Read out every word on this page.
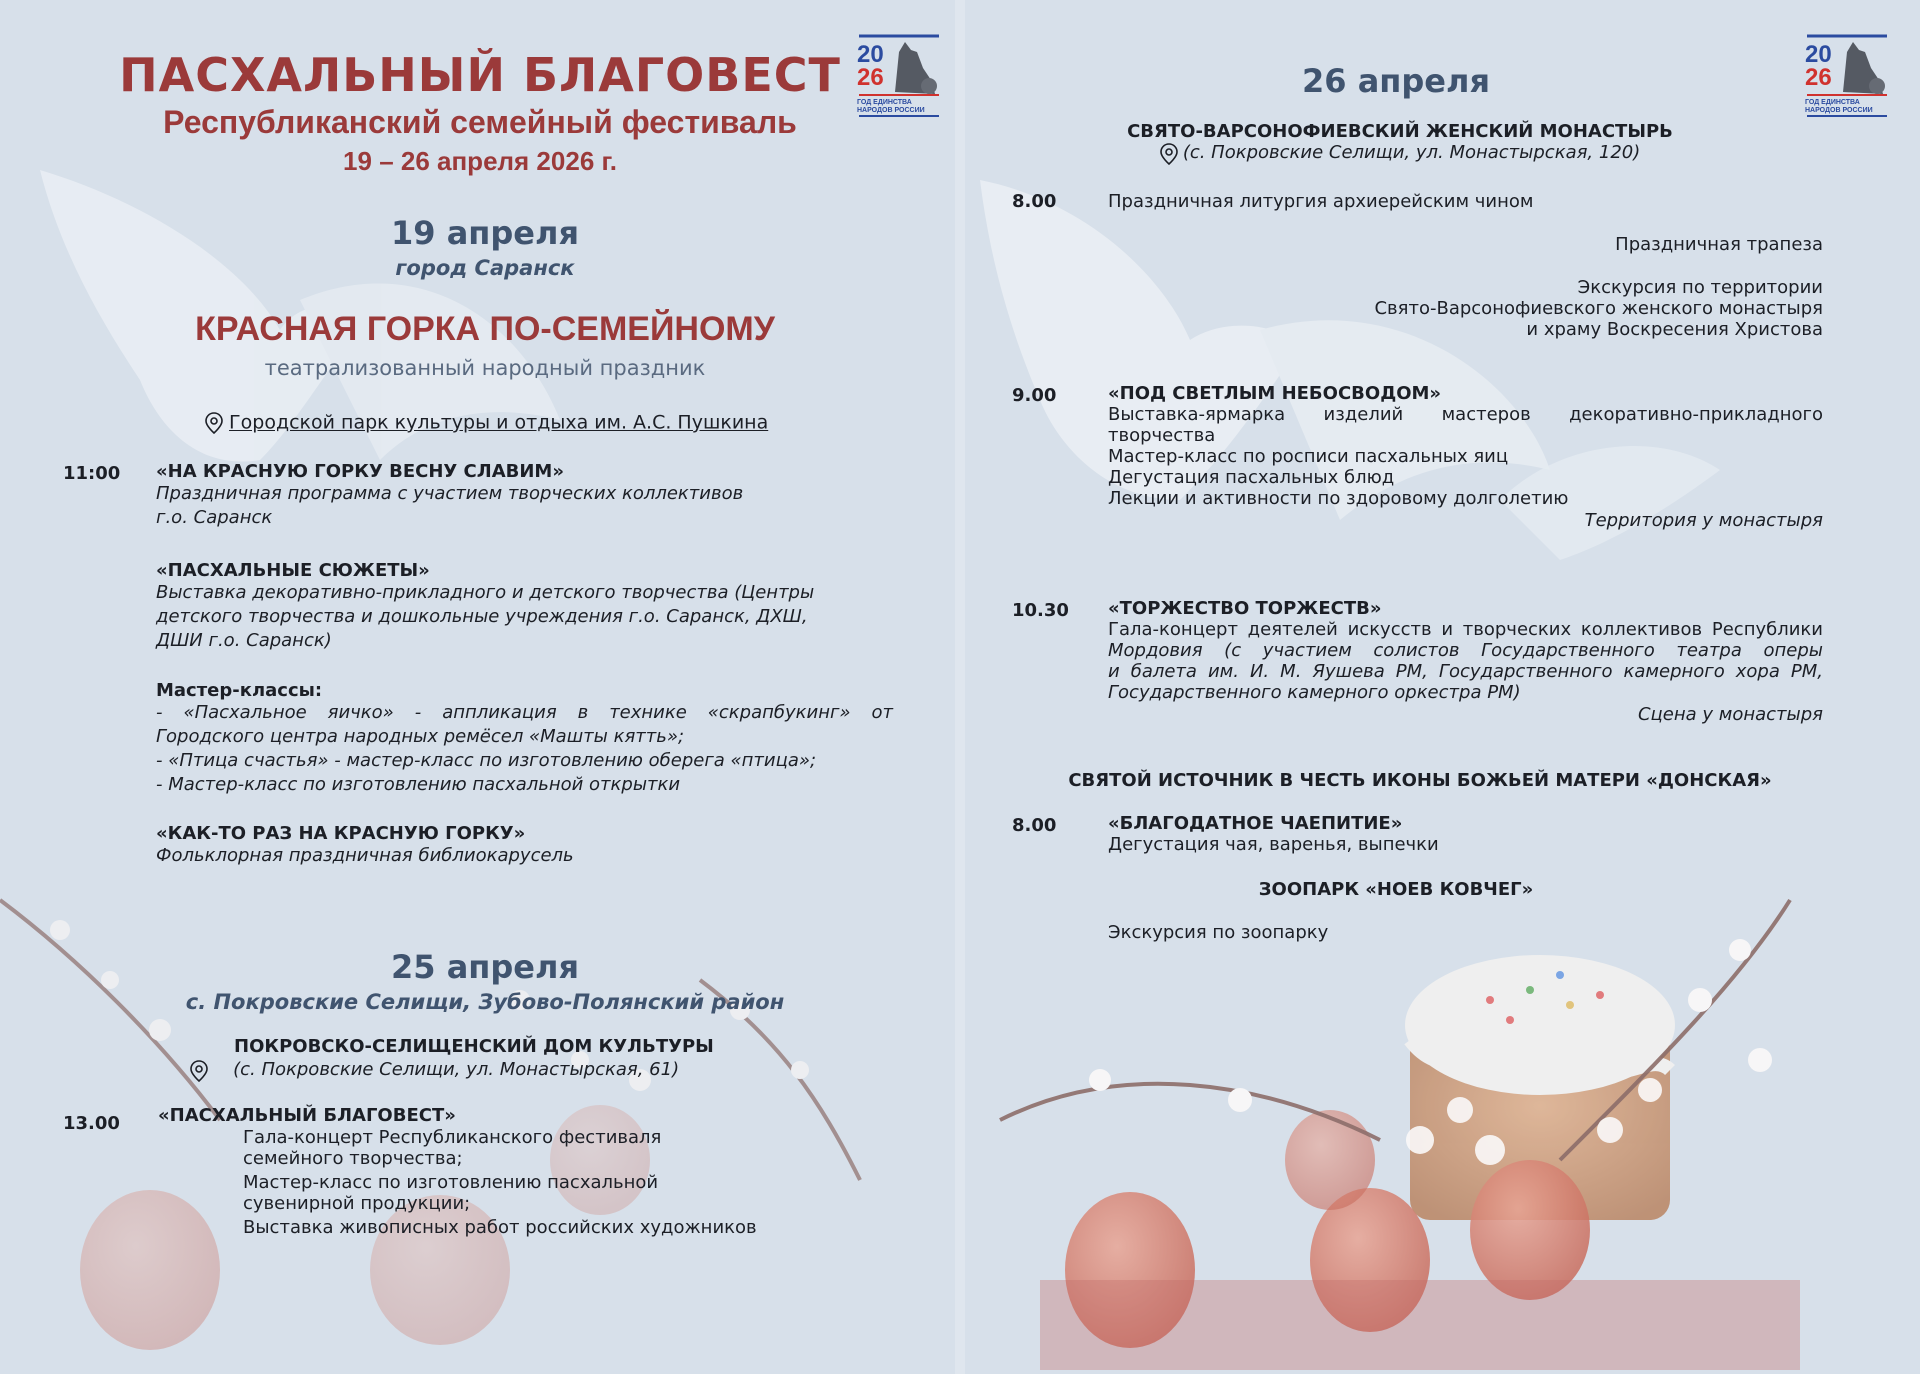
20
26
ГОД ЕДИНСТВА
НАРОДОВ РОССИИ
ПАСХАЛЬНЫЙ БЛАГОВЕСТ
Республиканский семейный фестиваль
19 – 26 апреля 2026 г.
19 апреля
город Саранск
КРАСНАЯ ГОРКА ПО-СЕМЕЙНОМУ
театрализованный народный праздник
Городской парк культуры и отдыха им. А.С. Пушкина
11:00 «НА КРАСНУЮ ГОРКУ ВЕСНУ СЛАВИМ»
Праздничная программа с участием творческих коллективов
г.о. Саранск
«ПАСХАЛЬНЫЕ СЮЖЕТЫ»
Выставка декоративно-прикладного и детского творчества (Центры
детского творчества и дошкольные учреждения г.о. Саранск, ДХШ,
ДШИ г.о. Саранск)
Мастер-классы:
- «Пасхальное яичко» - аппликация в технике «скрапбукинг» от
Городского центра народных ремёсел «Машты кятть»;
- «Птица счастья» - мастер-класс по изготовлению оберега «птица»;
- Мастер-класс по изготовлению пасхальной открытки
«КАК-ТО РАЗ НА КРАСНУЮ ГОРКУ»
Фольклорная праздничная библиокарусель
25 апреля
с. Покровские Селищи, Зубово-Полянский район
ПОКРОВСКО-СЕЛИЩЕНСКИЙ ДОМ КУЛЬТУРЫ
(с. Покровские Селищи, ул. Монастырская, 61)
13.00 «ПАСХАЛЬНЫЙ БЛАГОВЕСТ»
Гала-концерт Республиканского фестиваля
семейного творчества;
Мастер-класс по изготовлению пасхальной
сувенирной продукции;
Выставка живописных работ российских художников
20
26
ГОД ЕДИНСТВА
НАРОДОВ РОССИИ
26 апреля
СВЯТО-ВАРСОНОФИЕВСКИЙ ЖЕНСКИЙ МОНАСТЫРЬ
(с. Покровские Селищи, ул. Монастырская, 120)
8.00	Праздничная литургия архиерейским чином
Праздничная трапеза
Экскурсия по территории
Свято-Варсонофиевского женского монастыря
и храму Воскресения Христова
9.00	«ПОД СВЕТЛЫМ НЕБОСВОДОМ»
Выставка-ярмарка изделий мастеров декоративно-прикладного
творчества
Мастер-класс по росписи пасхальных яиц
Дегустация пасхальных блюд
Лекции и активности по здоровому долголетию
Территория у монастыря
10.30 «ТОРЖЕСТВО ТОРЖЕСТВ»
Гала-концерт деятелей искусств и творческих коллективов Республики
Мордовия (с участием солистов Государственного театра оперы
и балета им. И. М. Яушева РМ, Государственного камерного хора РМ,
Государственного камерного оркестра РМ)
Сцена у монастыря
СВЯТОЙ ИСТОЧНИК В ЧЕСТЬ ИКОНЫ БОЖЬЕЙ МАТЕРИ «ДОНСКАЯ»
8.00	«БЛАГОДАТНОЕ ЧАЕПИТИЕ»
Дегустация чая, варенья, выпечки
ЗООПАРК «НОЕВ КОВЧЕГ»
Экскурсия по зоопарку
